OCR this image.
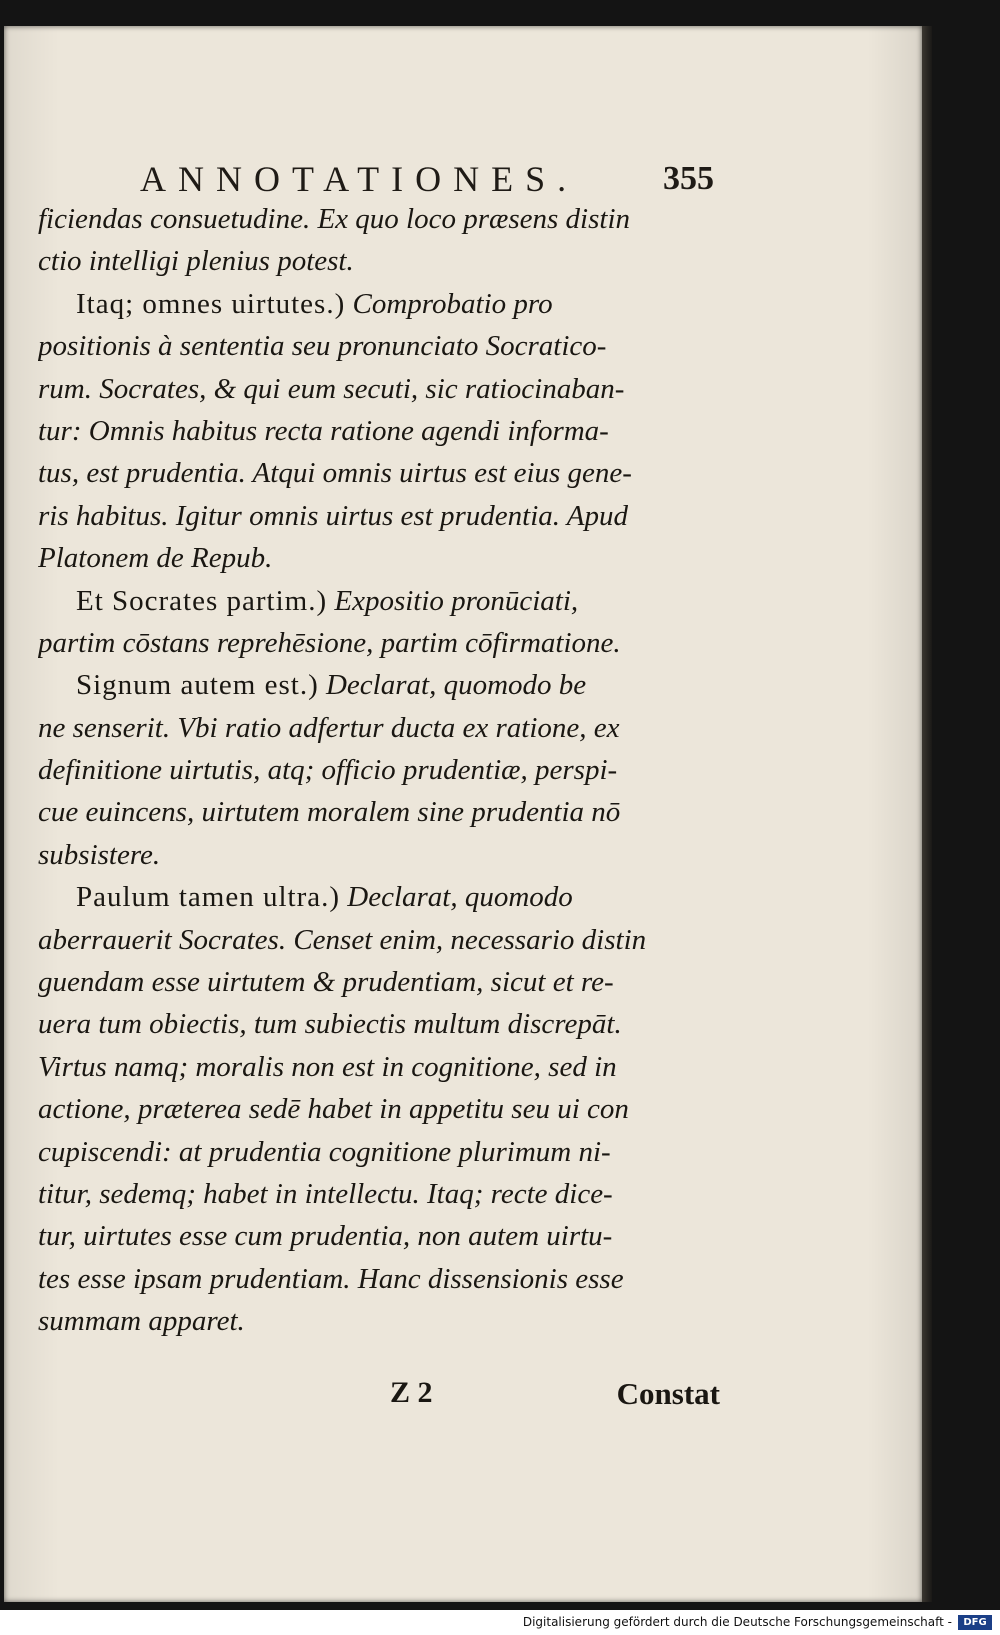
ANNOTATIONES. 355
ficiendas consuetudine. Ex quo loco præsens distin
ctio intelligi plenius potest.
Itaq; omnes uirtutes.) Comprobatio pro
positionis à sententia seu pronunciato Socratico-
rum. Socrates, & qui eum secuti, sic ratiocinaban-
tur: Omnis habitus recta ratione agendi informa-
tus, est prudentia. Atqui omnis uirtus est eius gene-
ris habitus. Igitur omnis uirtus est prudentia. Apud
Platonem de Repub.
Et Socrates partim.) Expositio pronūciati,
partim cōstans reprehēsione, partim cōfirmatione.
Signum autem est.) Declarat, quomodo be
ne senserit. Vbi ratio adfertur ducta ex ratione, ex
definitione uirtutis, atq; officio prudentiæ, perspi-
cue euincens, uirtutem moralem sine prudentia nō
subsistere.
Paulum tamen ultra.) Declarat, quomodo
aberrauerit Socrates. Censet enim, necessario distin
guendam esse uirtutem & prudentiam, sicut et re-
uera tum obiectis, tum subiectis multum discrepāt.
Virtus namq; moralis non est in cognitione, sed in
actione, præterea sedē habet in appetitu seu ui con
cupiscendi: at prudentia cognitione plurimum ni-
titur, sedemq; habet in intellectu. Itaq; recte dice-
tur, uirtutes esse cum prudentia, non autem uirtu-
tes esse ipsam prudentiam. Hanc dissensionis esse
summam apparet.
Z 2	Constat
Digitalisierung gefördert durch die Deutsche Forschungsgemeinschaft -	DFG
